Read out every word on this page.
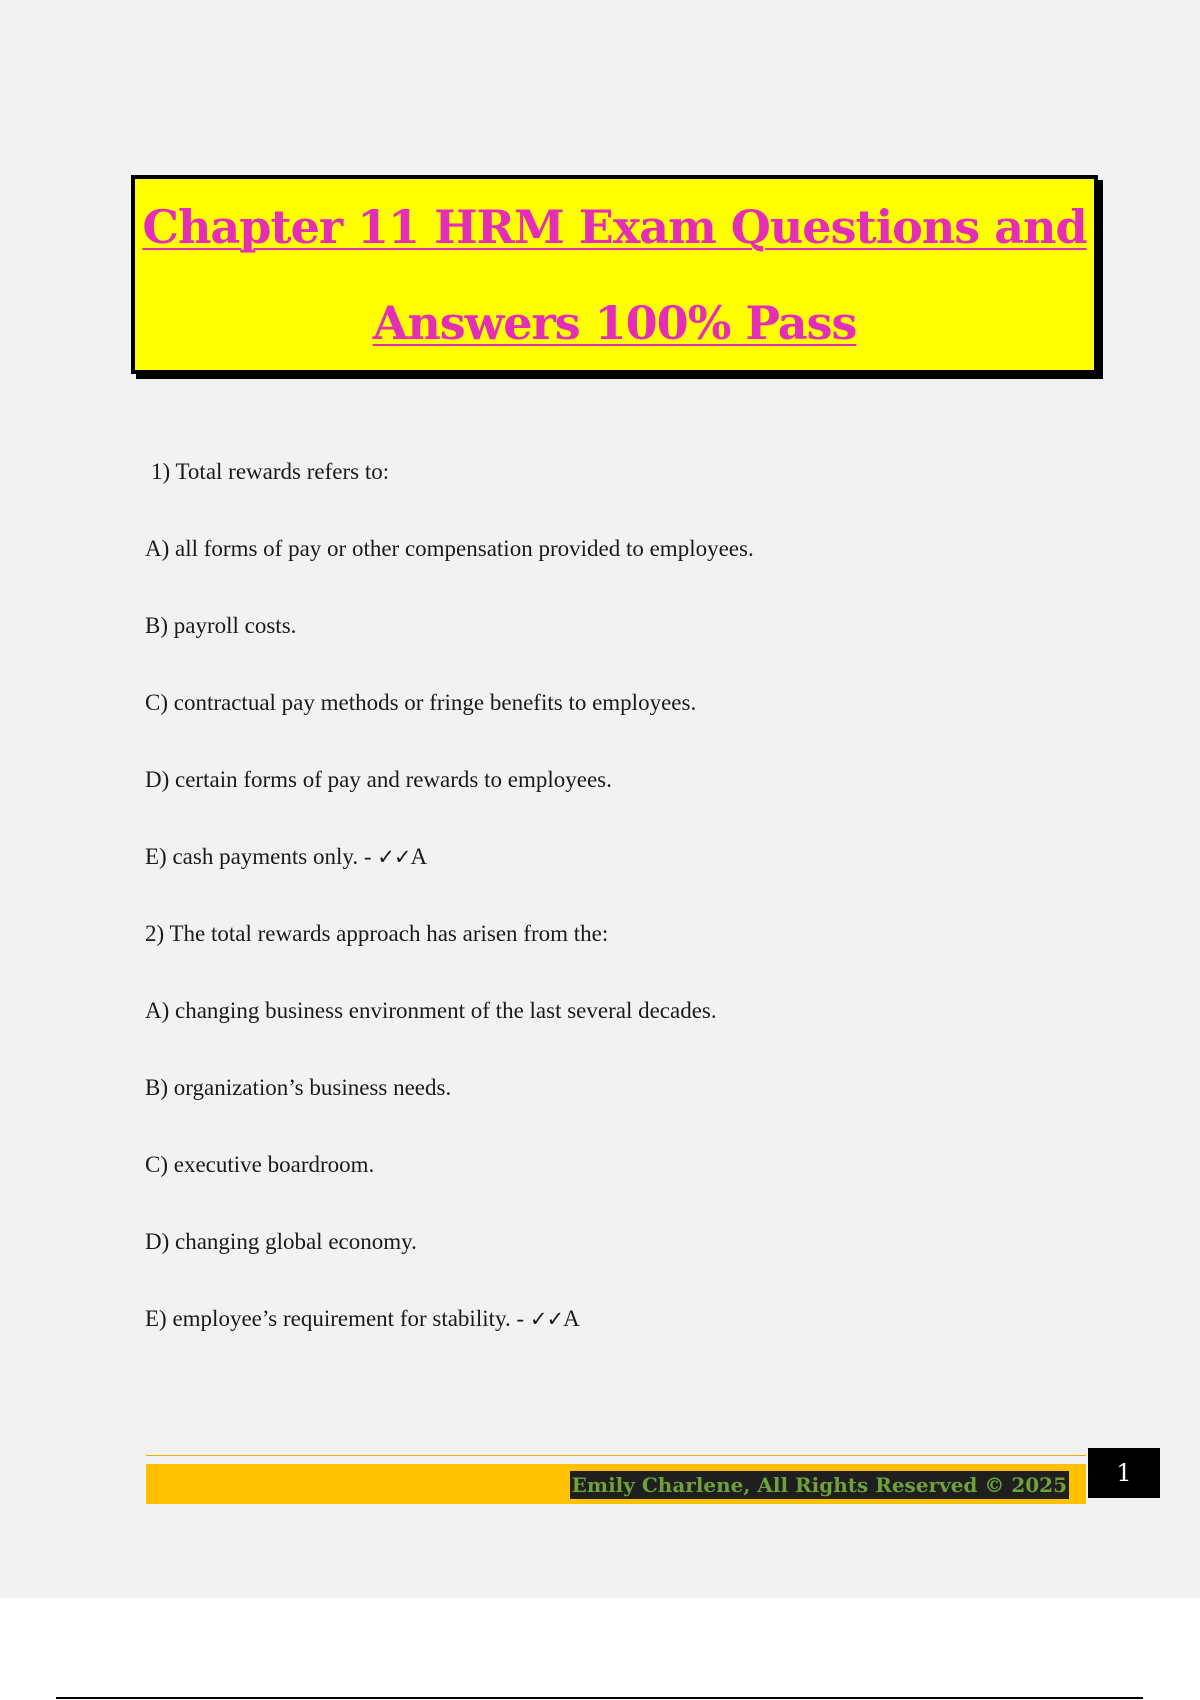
Chapter 11 HRM Exam Questions and
Answers 100% Pass
1) Total rewards refers to:
A) all forms of pay or other compensation provided to employees.
B) payroll costs.
C) contractual pay methods or fringe benefits to employees.
D) certain forms of pay and rewards to employees.
E) cash payments only. - ✓✓A
2) The total rewards approach has arisen from the:
A) changing business environment of the last several decades.
B) organization’s business needs.
C) executive boardroom.
D) changing global economy.
E) employee’s requirement for stability. - ✓✓A
Emily Charlene, All Rights Reserved © 2025	1
